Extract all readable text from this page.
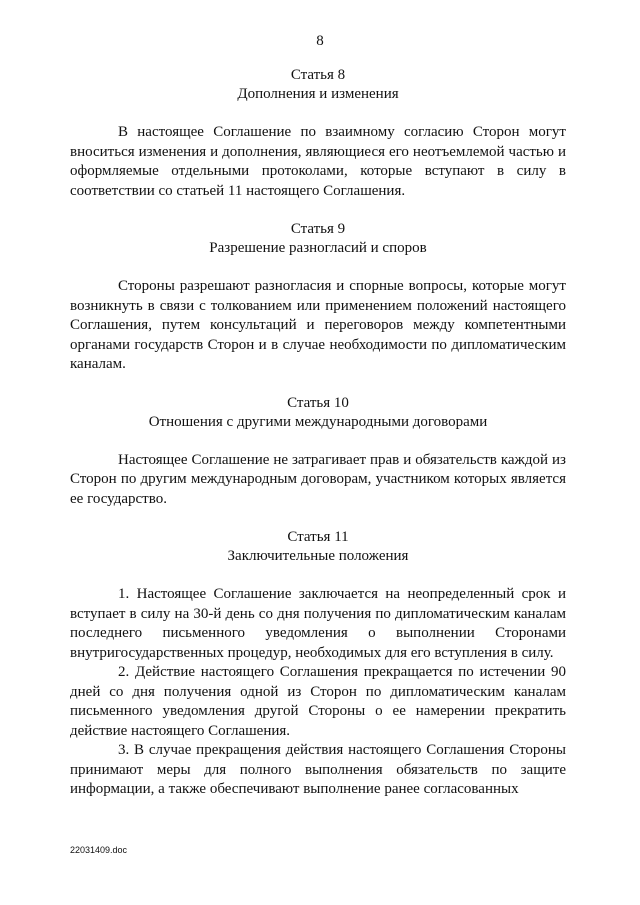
8

Статья 8

Дополнения и изменения

В настоящее Соглашение по взаимному согласию Сторон могут вноситься изменения и дополнения, являющиеся его неотъемлемой частью и оформляемые отдельными протоколами, которые вступают в силу в соответствии со статьей 11 настоящего Соглашения.

Статья 9

Разрешение разногласий и споров

Стороны разрешают разногласия и спорные вопросы, которые могут возникнуть в связи с толкованием или применением положений настоящего Соглашения, путем консультаций и переговоров между компетентными органами государств Сторон и в случае необходимости по дипломатическим каналам.

Статья 10

Отношения с другими международными договорами

Настоящее Соглашение не затрагивает прав и обязательств каждой из Сторон по другим международным договорам, участником которых является ее государство.

Статья 11

Заключительные положения

1. Настоящее Соглашение заключается на неопределенный срок и вступает в силу на 30-й день со дня получения по дипломатическим каналам последнего письменного уведомления о выполнении Сторонами внутригосударственных процедур, необходимых для его вступления в силу.

2. Действие настоящего Соглашения прекращается по истечении 90 дней со дня получения одной из Сторон по дипломатическим каналам письменного уведомления другой Стороны о ее намерении прекратить действие настоящего Соглашения.

3. В случае прекращения действия настоящего Соглашения Стороны принимают меры для полного выполнения обязательств по защите информации, а также обеспечивают выполнение ранее согласованных

22031409.doc
